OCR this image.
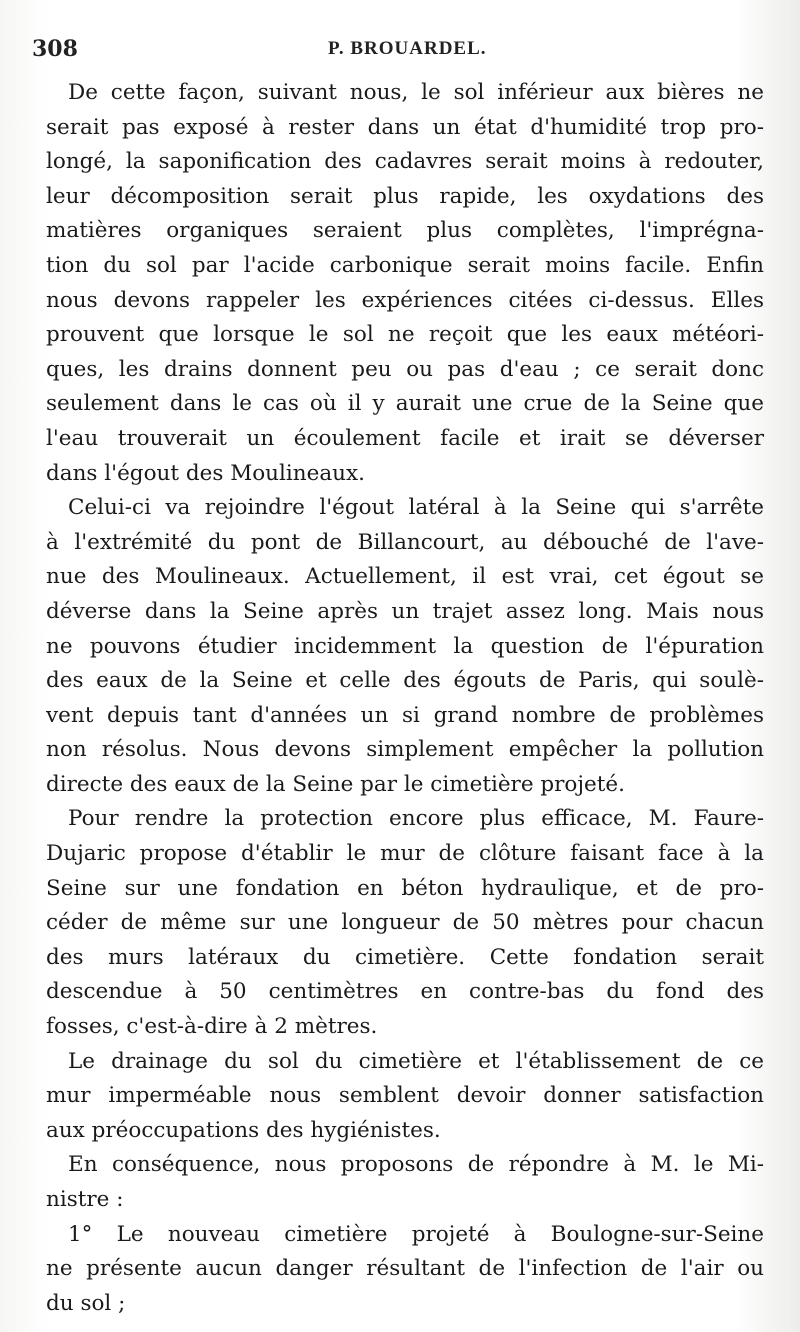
308	P. BROUARDEL.
De cette façon, suivant nous, le sol inférieur aux bières ne
serait pas exposé à rester dans un état d'humidité trop pro-
longé, la saponification des cadavres serait moins à redouter,
leur décomposition serait plus rapide, les oxydations des
matières organiques seraient plus complètes, l'imprégna-
tion du sol par l'acide carbonique serait moins facile. Enfin
nous devons rappeler les expériences citées ci-dessus. Elles
prouvent que lorsque le sol ne reçoit que les eaux météori-
ques, les drains donnent peu ou pas d'eau ; ce serait donc
seulement dans le cas où il y aurait une crue de la Seine que
l'eau trouverait un écoulement facile et irait se déverser
dans l'égout des Moulineaux.
Celui-ci va rejoindre l'égout latéral à la Seine qui s'arrête
à l'extrémité du pont de Billancourt, au débouché de l'ave-
nue des Moulineaux. Actuellement, il est vrai, cet égout se
déverse dans la Seine après un trajet assez long. Mais nous
ne pouvons étudier incidemment la question de l'épuration
des eaux de la Seine et celle des égouts de Paris, qui soulè-
vent depuis tant d'années un si grand nombre de problèmes
non résolus. Nous devons simplement empêcher la pollution
directe des eaux de la Seine par le cimetière projeté.
Pour rendre la protection encore plus efficace, M. Faure-
Dujaric propose d'établir le mur de clôture faisant face à la
Seine sur une fondation en béton hydraulique, et de pro-
céder de même sur une longueur de 50 mètres pour chacun
des murs latéraux du cimetière. Cette fondation serait
descendue à 50 centimètres en contre-bas du fond des
fosses, c'est-à-dire à 2 mètres.
Le drainage du sol du cimetière et l'établissement de ce
mur imperméable nous semblent devoir donner satisfaction
aux préoccupations des hygiénistes.
En conséquence, nous proposons de répondre à M. le Mi-
nistre :
1° Le nouveau cimetière projeté à Boulogne-sur-Seine
ne présente aucun danger résultant de l'infection de l'air ou
du sol ;
